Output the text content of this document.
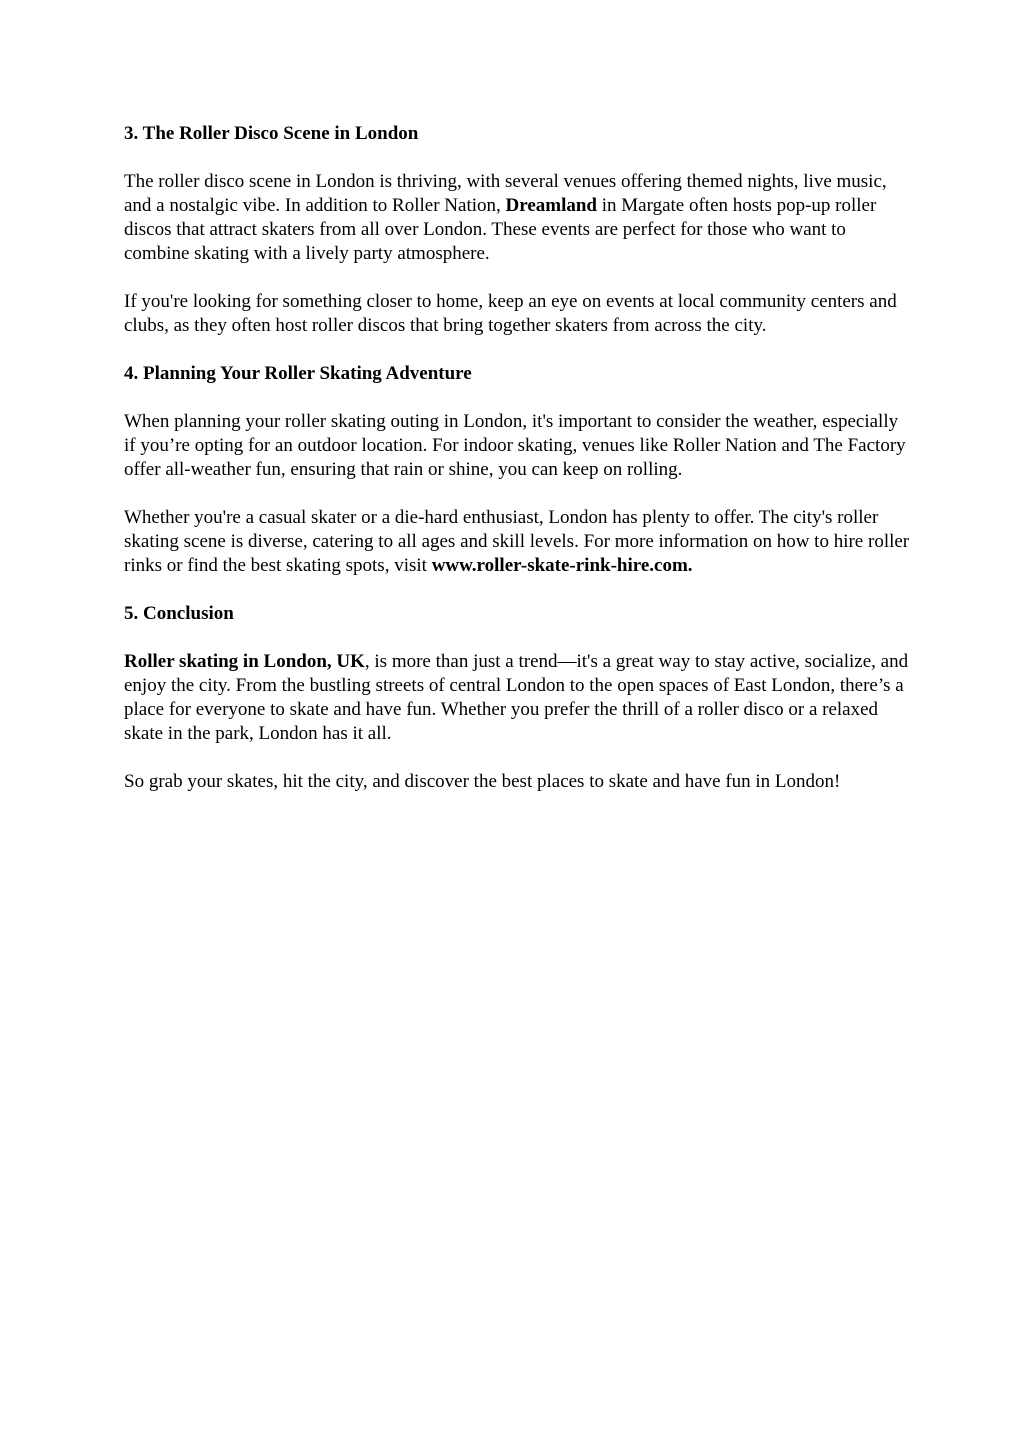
3. The Roller Disco Scene in London

The roller disco scene in London is thriving, with several venues offering themed nights, live music, and a nostalgic vibe. In addition to Roller Nation, Dreamland in Margate often hosts pop-up roller discos that attract skaters from all over London. These events are perfect for those who want to combine skating with a lively party atmosphere.

If you're looking for something closer to home, keep an eye on events at local community centers and clubs, as they often host roller discos that bring together skaters from across the city.

4. Planning Your Roller Skating Adventure

When planning your roller skating outing in London, it's important to consider the weather, especially if you’re opting for an outdoor location. For indoor skating, venues like Roller Nation and The Factory offer all-weather fun, ensuring that rain or shine, you can keep on rolling.

Whether you're a casual skater or a die-hard enthusiast, London has plenty to offer. The city's roller skating scene is diverse, catering to all ages and skill levels. For more information on how to hire roller rinks or find the best skating spots, visit www.roller-skate-rink-hire.com.

5. Conclusion

Roller skating in London, UK, is more than just a trend—it's a great way to stay active, socialize, and enjoy the city. From the bustling streets of central London to the open spaces of East London, there’s a place for everyone to skate and have fun. Whether you prefer the thrill of a roller disco or a relaxed skate in the park, London has it all.

So grab your skates, hit the city, and discover the best places to skate and have fun in London!
